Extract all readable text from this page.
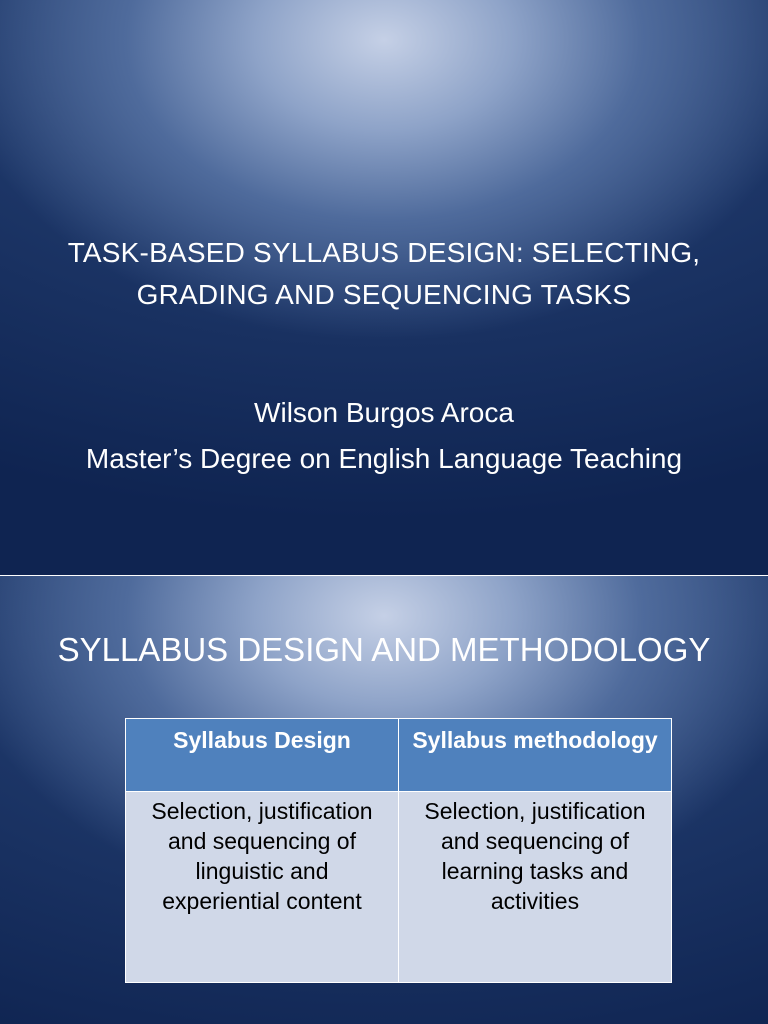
TASK-BASED SYLLABUS DESIGN: SELECTING, GRADING AND SEQUENCING TASKS
Wilson Burgos Aroca
Master’s Degree on English Language Teaching
SYLLABUS DESIGN AND METHODOLOGY
Syllabus Design	Syllabus methodology
Selection, justification and sequencing of linguistic and experiential content	Selection, justification and sequencing of learning tasks and activities
